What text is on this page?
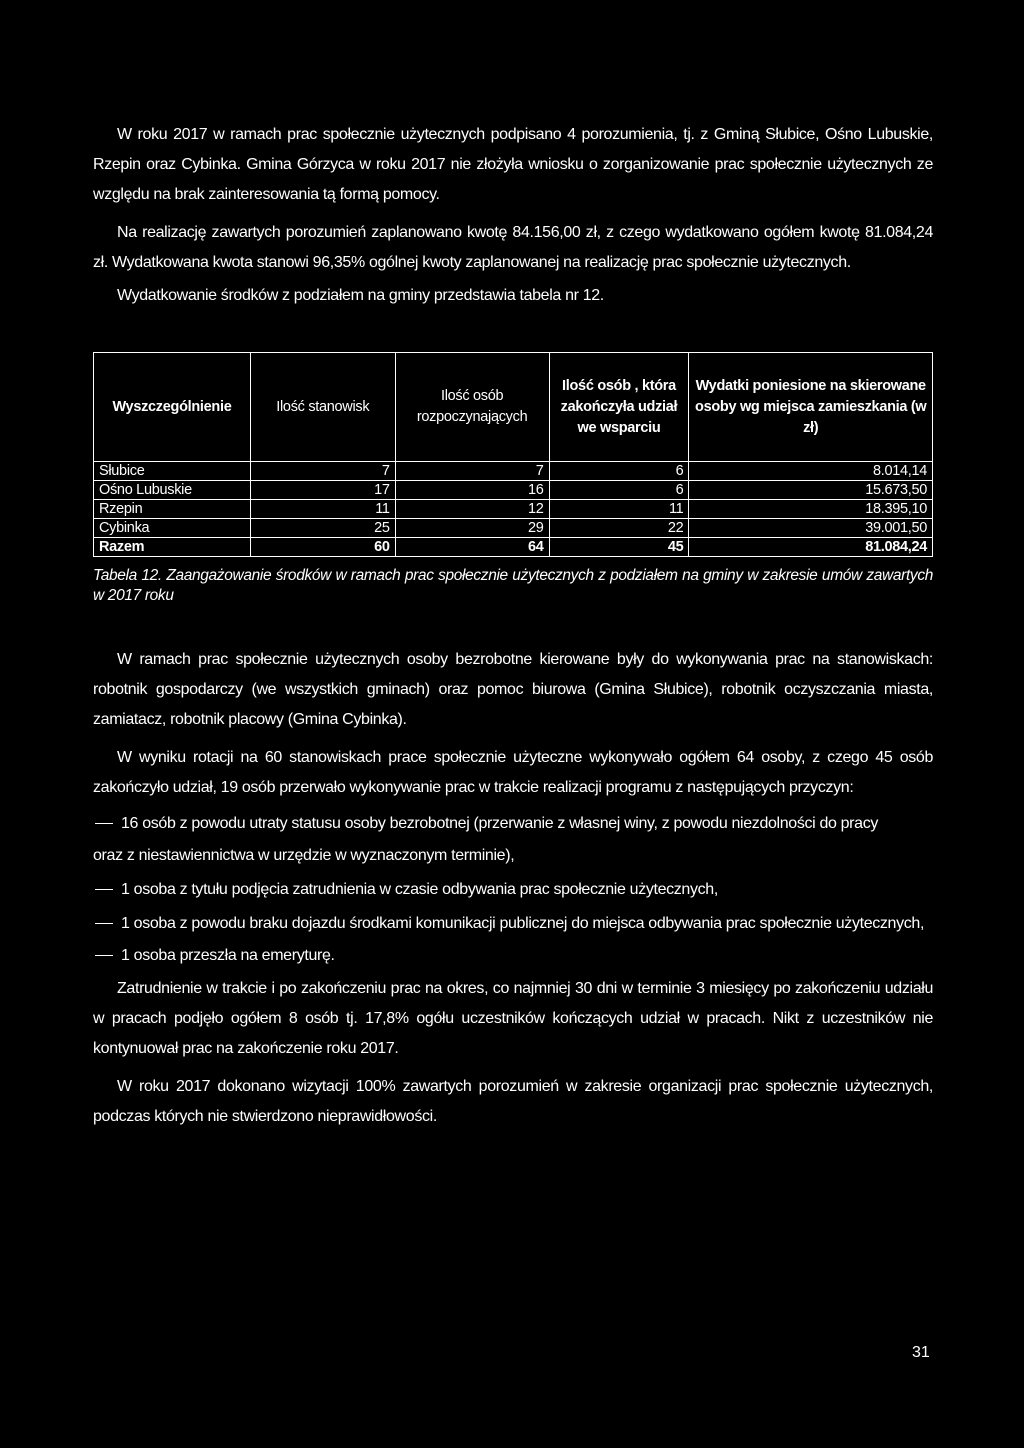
W roku 2017 w ramach prac społecznie użytecznych podpisano 4 porozumienia, tj. z Gminą Słubice, Ośno Lubuskie, Rzepin oraz Cybinka. Gmina Górzyca w roku 2017 nie złożyła wniosku o zorganizowanie prac społecznie użytecznych ze względu na brak zainteresowania tą formą pomocy.

Na realizację zawartych porozumień zaplanowano kwotę 84.156,00 zł, z czego wydatkowano ogółem kwotę 81.084,24 zł. Wydatkowana kwota stanowi 96,35% ogólnej kwoty zaplanowanej na realizację prac społecznie użytecznych.

Wydatkowanie środków z podziałem na gminy przedstawia tabela nr 12.

Wyszczególnienie	Ilość stanowisk	Ilość osób rozpoczynających	Ilość osób , która zakończyła udział we wsparciu	Wydatki poniesione na skierowane osoby wg miejsca zamieszkania (w zł)
Słubice	7	7	6	8.014,14
Ośno Lubuskie	17	16	6	15.673,50
Rzepin	11	12	11	18.395,10
Cybinka	25	29	22	39.001,50
Razem	60	64	45	81.084,24
Tabela 12. Zaangażowanie środków w ramach prac społecznie użytecznych z podziałem na gminy w zakresie umów zawartych w 2017 roku

W ramach prac społecznie użytecznych osoby bezrobotne kierowane były do wykonywania prac na stanowiskach: robotnik gospodarczy (we wszystkich gminach) oraz pomoc biurowa (Gmina Słubice), robotnik oczyszczania miasta, zamiatacz, robotnik placowy (Gmina Cybinka).

W wyniku rotacji na 60 stanowiskach prace społecznie użyteczne wykonywało ogółem 64 osoby, z czego 45 osób zakończyło udział, 19 osób przerwało wykonywanie prac w trakcie realizacji programu z następujących przyczyn:

16 osób z powodu utraty statusu osoby bezrobotnej (przerwanie z własnej winy, z powodu niezdolności do pracy
oraz z niestawiennictwa w urzędzie w wyznaczonym terminie),
1 osoba z tytułu podjęcia zatrudnienia w czasie odbywania prac społecznie użytecznych,
1 osoba z powodu braku dojazdu środkami komunikacji publicznej do miejsca odbywania prac społecznie użytecznych,
1 osoba przeszła na emeryturę.

Zatrudnienie w trakcie i po zakończeniu prac na okres, co najmniej 30 dni w terminie 3 miesięcy po zakończeniu udziału w pracach podjęło ogółem 8 osób tj. 17,8% ogółu uczestników kończących udział w pracach. Nikt z uczestników nie kontynuował prac na zakończenie roku 2017.

W roku 2017 dokonano wizytacji 100% zawartych porozumień w zakresie organizacji prac społecznie użytecznych, podczas których nie stwierdzono nieprawidłowości.

31
